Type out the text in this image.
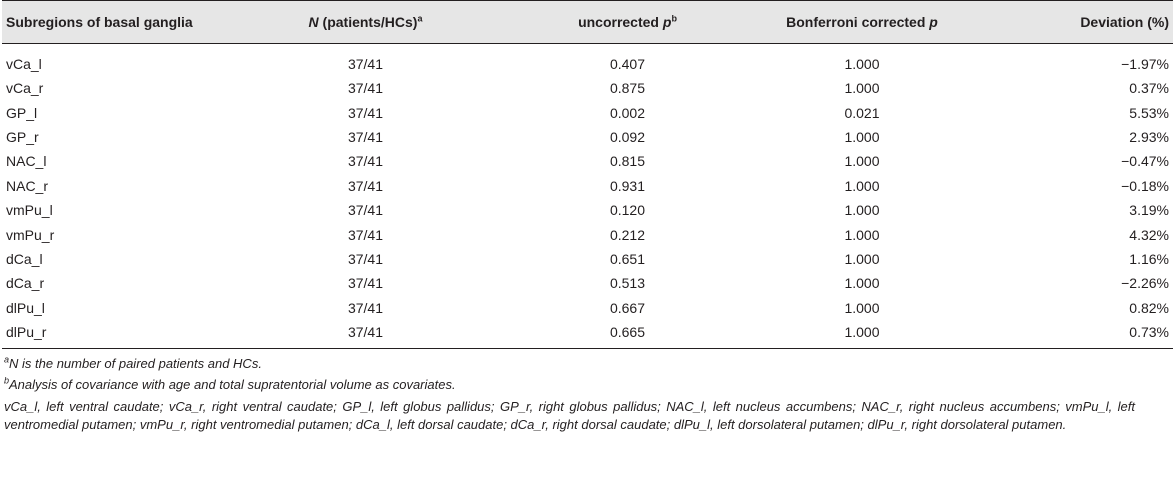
Subregions of basal ganglia	N (patients/HCs)$^a$	uncorrected $p^b$	Bonferroni corrected p	Deviation (%)
vCa_l	37/41	0.407	1.000	−1.97%
vCa_r	37/41	0.875	1.000	0.37%
GP_l	37/41	0.002	0.021	5.53%
GP_r	37/41	0.092	1.000	2.93%
NAC_l	37/41	0.815	1.000	−0.47%
NAC_r	37/41	0.931	1.000	−0.18%
vmPu_l	37/41	0.120	1.000	3.19%
vmPu_r	37/41	0.212	1.000	4.32%
dCa_l	37/41	0.651	1.000	1.16%
dCa_r	37/41	0.513	1.000	−2.26%
dlPu_l	37/41	0.667	1.000	0.82%
dlPu_r	37/41	0.665	1.000	0.73%

$^a$N is the number of paired patients and HCs.

$^b$Analysis of covariance with age and total supratentorial volume as covariates.

vCa_l, left ventral caudate; vCa_r, right ventral caudate; GP_l, left globus pallidus; GP_r, right globus pallidus; NAC_l, left nucleus accumbens; NAC_r, right nucleus accumbens; vmPu_l, left ventromedial putamen; vmPu_r, right ventromedial putamen; dCa_l, left dorsal caudate; dCa_r, right dorsal caudate; dlPu_l, left dorsolateral putamen; dlPu_r, right dorsolateral putamen.
